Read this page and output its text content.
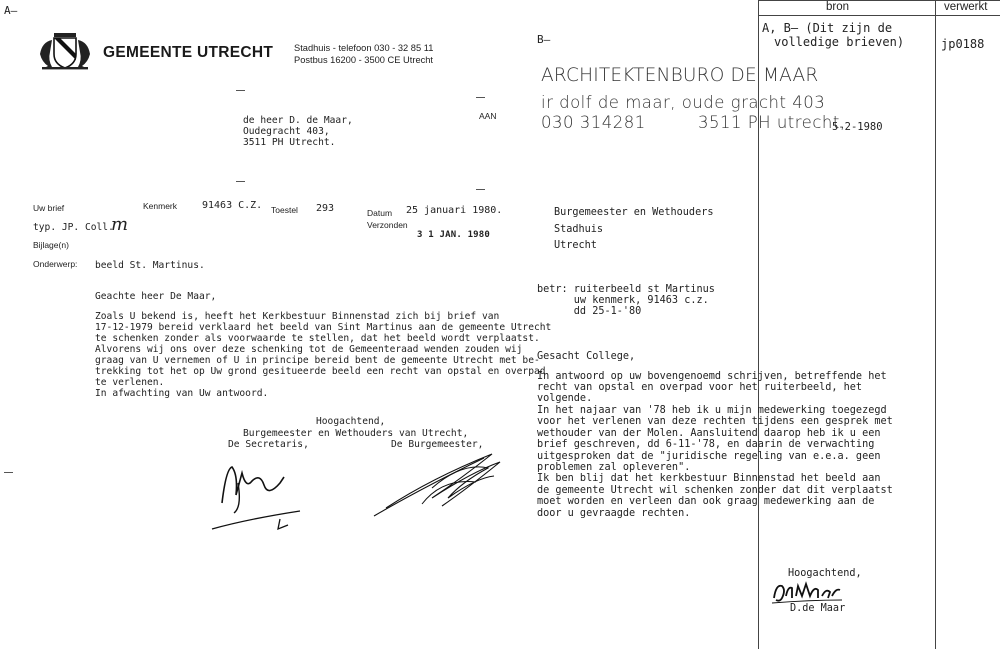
A–	bron	verwerkt
A, B– (Dit zijn de
volledige brieven)	jp0188
GEMEENTE UTRECHT Stadhuis - telefoon 030 - 32 85 11
Postbus 16200 - 3500 CE Utrecht
AAN
de heer D. de Maar,
Oudegracht 403,
3511 PH Utrecht.
Uw brief	Kenmerk 91463 C.Z. Toestel 293	Datum 25 januari 1980.
Verzonden
3 1 JAN. 1980
typ. JP. Coll.
m
Bijlage(n)
Onderwerp: beeld St. Martinus.
Geachte heer De Maar,
Zoals U bekend is, heeft het Kerkbestuur Binnenstad zich bij brief van
17-12-1979 bereid verklaard het beeld van Sint Martinus aan de gemeente Utrecht
te schenken zonder als voorwaarde te stellen, dat het beeld wordt verplaatst.
Alvorens wij ons over deze schenking tot de Gemeenteraad wenden zouden wij
graag van U vernemen of U in principe bereid bent de gemeente Utrecht met be-
trekking tot het op Uw grond gesitueerde beeld een recht van opstal en overpad
te verlenen.
In afwachting van Uw antwoord.
Hoogachtend,
Burgemeester en Wethouders van Utrecht,
De Secretaris,	De Burgemeester,
B–
ARCHITEKTENBURO DE MAAR
ir dolf de maar, oude gracht 403
030 314281	3511 PH utrecht,
5-2-1980
Burgemeester en Wethouders
Stadhuis
Utrecht
betr: ruiterbeeld st Martinus
uw kenmerk, 91463 c.z.
dd 25-1-'80
Gesacht College,
In antwoord op uw bovengenoemd schrijven, betreffende het
recht van opstal en overpad voor het ruiterbeeld, het
volgende.
In het najaar van '78 heb ik u mijn medewerking toegezegd
voor het verlenen van deze rechten tijdens een gesprek met
wethouder van der Molen. Aansluitend daarop heb ik u een
brief geschreven, dd 6-11-'78, en daarin de verwachting
uitgesproken dat de "juridische regeling van e.e.a. geen
problemen zal opleveren".
Ik ben blij dat het kerkbestuur Binnenstad het beeld aan
de gemeente Utrecht wil schenken zonder dat dit verplaatst
moet worden en verleen dan ook graag medewerking aan de
door u gevraagde rechten.
Hoogachtend,
D.de Maar
